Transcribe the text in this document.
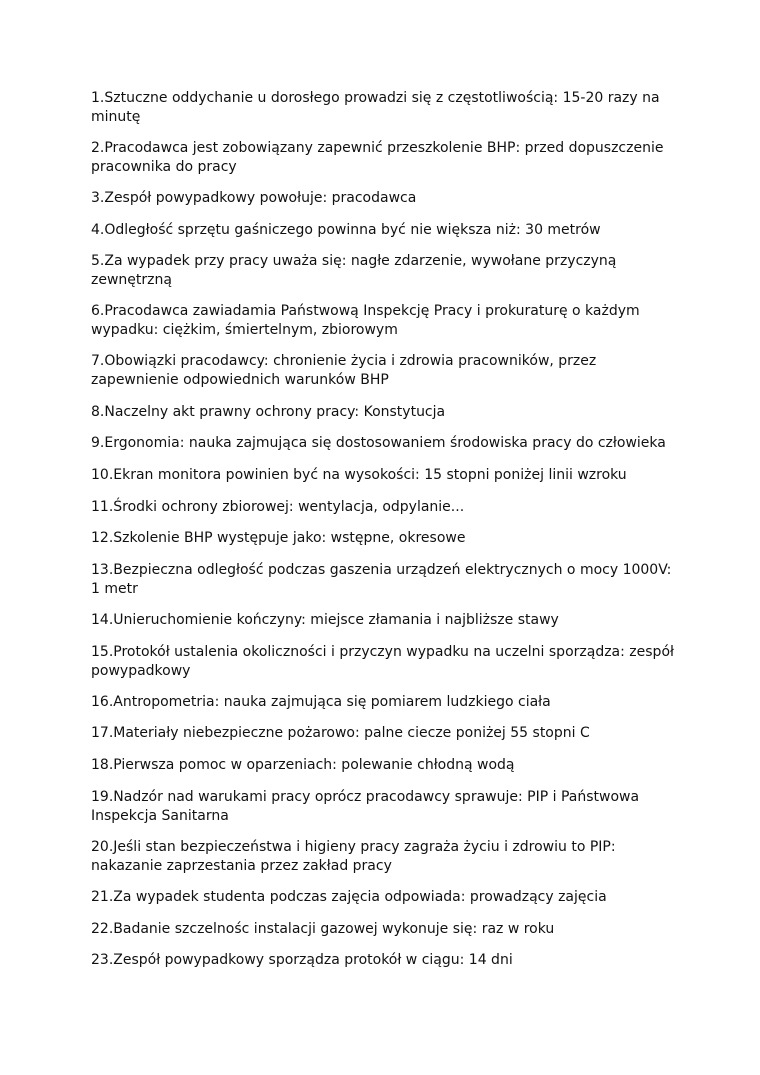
1.Sztuczne oddychanie u dorosłego prowadzi się z częstotliwością: 15-20 razy na minutę

2.Pracodawca jest zobowiązany zapewnić przeszkolenie BHP: przed dopuszczenie pracownika do pracy

3.Zespół powypadkowy powołuje: pracodawca

4.Odległość sprzętu gaśniczego powinna być nie większa niż: 30 metrów

5.Za wypadek przy pracy uważa się: nagłe zdarzenie, wywołane przyczyną zewnętrzną

6.Pracodawca zawiadamia Państwową Inspekcję Pracy i prokuraturę o każdym wypadku: ciężkim, śmiertelnym, zbiorowym

7.Obowiązki pracodawcy: chronienie życia i zdrowia pracowników, przez zapewnienie odpowiednich warunków BHP

8.Naczelny akt prawny ochrony pracy: Konstytucja

9.Ergonomia: nauka zajmująca się dostosowaniem środowiska pracy do człowieka

10.Ekran monitora powinien być na wysokości: 15 stopni poniżej linii wzroku

11.Środki ochrony zbiorowej: wentylacja, odpylanie...

12.Szkolenie BHP występuje jako: wstępne, okresowe

13.Bezpieczna odległość podczas gaszenia urządzeń elektrycznych o mocy 1000V: 1 metr

14.Unieruchomienie kończyny: miejsce złamania i najbliższe stawy

15.Protokół ustalenia okoliczności i przyczyn wypadku na uczelni sporządza: zespół powypadkowy

16.Antropometria: nauka zajmująca się pomiarem ludzkiego ciała

17.Materiały niebezpieczne pożarowo: palne ciecze poniżej 55 stopni C

18.Pierwsza pomoc w oparzeniach: polewanie chłodną wodą

19.Nadzór nad warukami pracy oprócz pracodawcy sprawuje: PIP i Państwowa Inspekcja Sanitarna

20.Jeśli stan bezpieczeństwa i higieny pracy zagraża życiu i zdrowiu to PIP: nakazanie zaprzestania przez zakład pracy

21.Za wypadek studenta podczas zajęcia odpowiada: prowadzący zajęcia

22.Badanie szczelnośc instalacji gazowej wykonuje się: raz w roku

23.Zespół powypadkowy sporządza protokół w ciągu: 14 dni
